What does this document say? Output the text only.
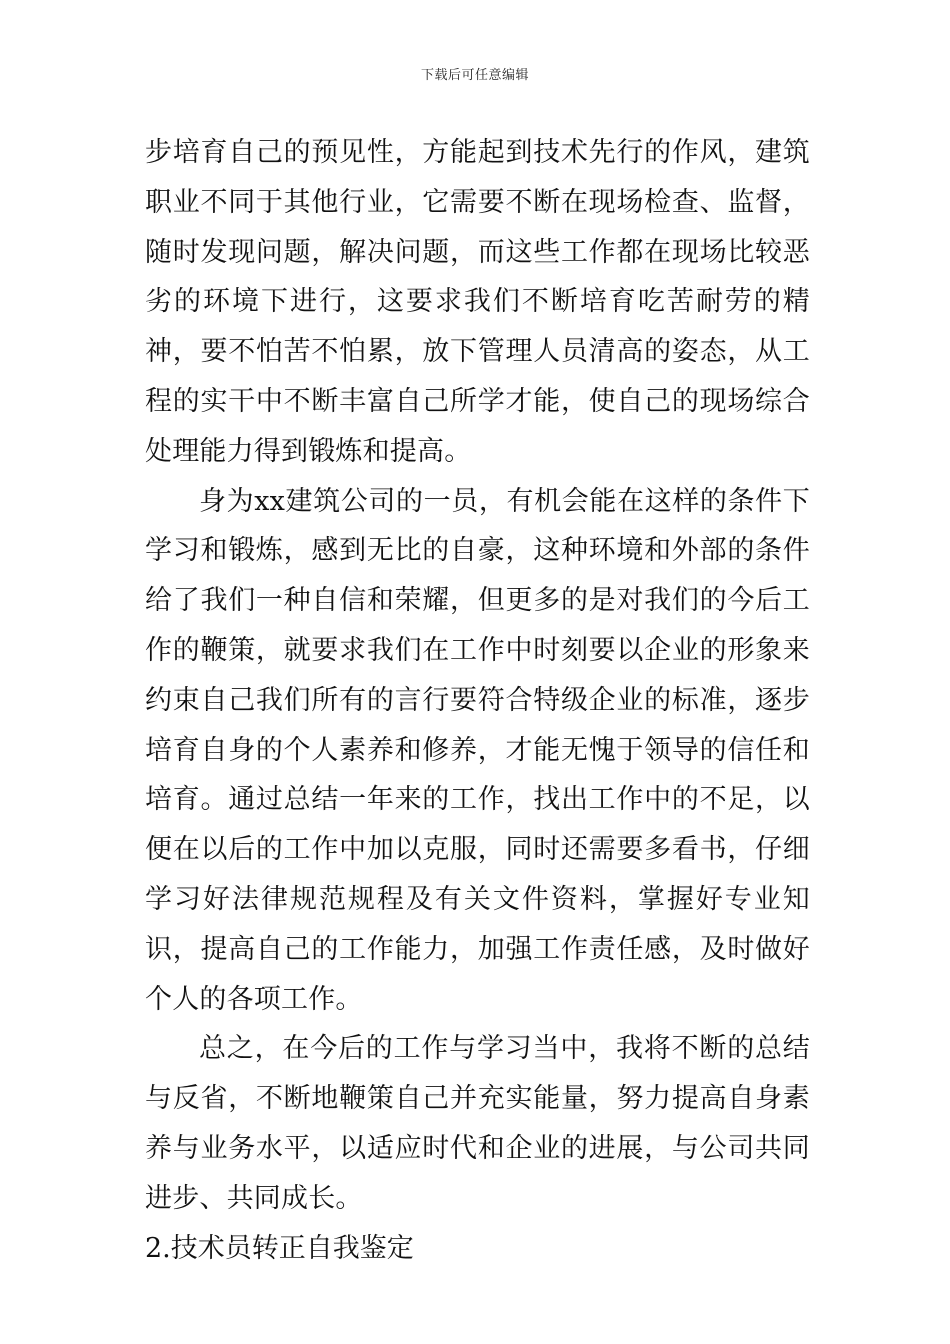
下载后可任意编辑

步培育自己的预见性，方能起到技术先行的作风，建筑职业不同于其他行业，它需要不断在现场检查、监督，随时发现问题，解决问题，而这些工作都在现场比较恶劣的环境下进行，这要求我们不断培育吃苦耐劳的精神，要不怕苦不怕累，放下管理人员清高的姿态，从工程的实干中不断丰富自己所学才能，使自己的现场综合处理能力得到锻炼和提高。

身为xx建筑公司的一员，有机会能在这样的条件下学习和锻炼，感到无比的自豪，这种环境和外部的条件给了我们一种自信和荣耀，但更多的是对我们的今后工作的鞭策，就要求我们在工作中时刻要以企业的形象来约束自己我们所有的言行要符合特级企业的标准，逐步培育自身的个人素养和修养，才能无愧于领导的信任和培育。通过总结一年来的工作，找出工作中的不足，以便在以后的工作中加以克服，同时还需要多看书，仔细学习好法律规范规程及有关文件资料，掌握好专业知识，提高自己的工作能力，加强工作责任感，及时做好个人的各项工作。

总之，在今后的工作与学习当中，我将不断的总结与反省，不断地鞭策自己并充实能量，努力提高自身素养与业务水平，以适应时代和企业的进展，与公司共同进步、共同成长。

2.技术员转正自我鉴定
